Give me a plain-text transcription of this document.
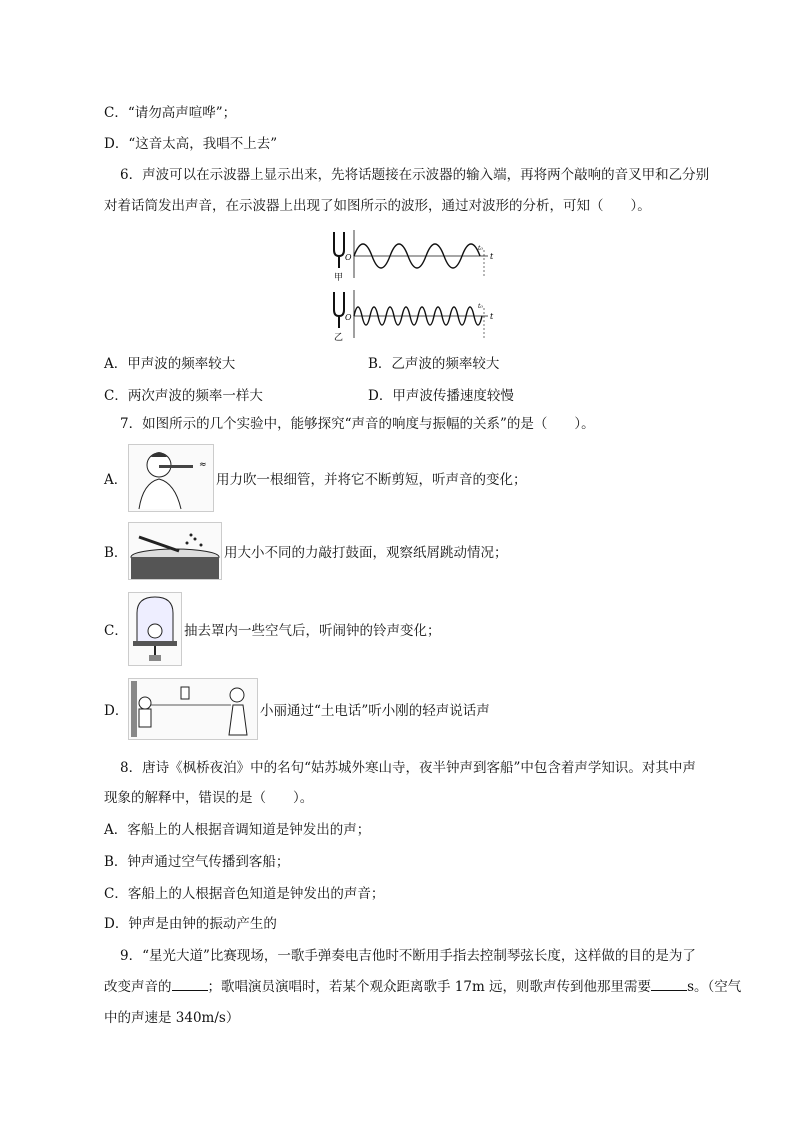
C．“请勿高声喧哗”；
D．“这音太高，我唱不上去”
6．声波可以在示波器上显示出来，先将话题接在示波器的输入端，再将两个敲响的音叉甲和乙分别
对着话筒发出声音，在示波器上出现了如图所示的波形，通过对波形的分析，可知（　　）。
甲
O	t
t₀
乙
O	t
t₀
A．甲声波的频率较大	B．乙声波的频率较大
C．两次声波的频率一样大	D．甲声波传播速度较慢
7．如图所示的几个实验中，能够探究“声音的响度与振幅的关系”的是（　　）。
A．
≈
用力吹一根细管，并将它不断剪短，听声音的变化；
B．	用大小不同的力敲打鼓面，观察纸屑跳动情况；
C．	抽去罩内一些空气后，听闹钟的铃声变化；
D．	小丽通过“土电话”听小刚的轻声说话声
8．唐诗《枫桥夜泊》中的名句“姑苏城外寒山寺，夜半钟声到客船”中包含着声学知识。对其中声
现象的解释中，错误的是（　　）。
A．客船上的人根据音调知道是钟发出的声；
B．钟声通过空气传播到客船；
C．客船上的人根据音色知道是钟发出的声音；
D．钟声是由钟的振动产生的
9．“星光大道”比赛现场，一歌手弹奏电吉他时不断用手指去控制琴弦长度，这样做的目的是为了
改变声音的	；歌唱演员演唱时，若某个观众距离歌手 17m 远，则歌声传到他那里需要	s。（空气
中的声速是 340m/s）
